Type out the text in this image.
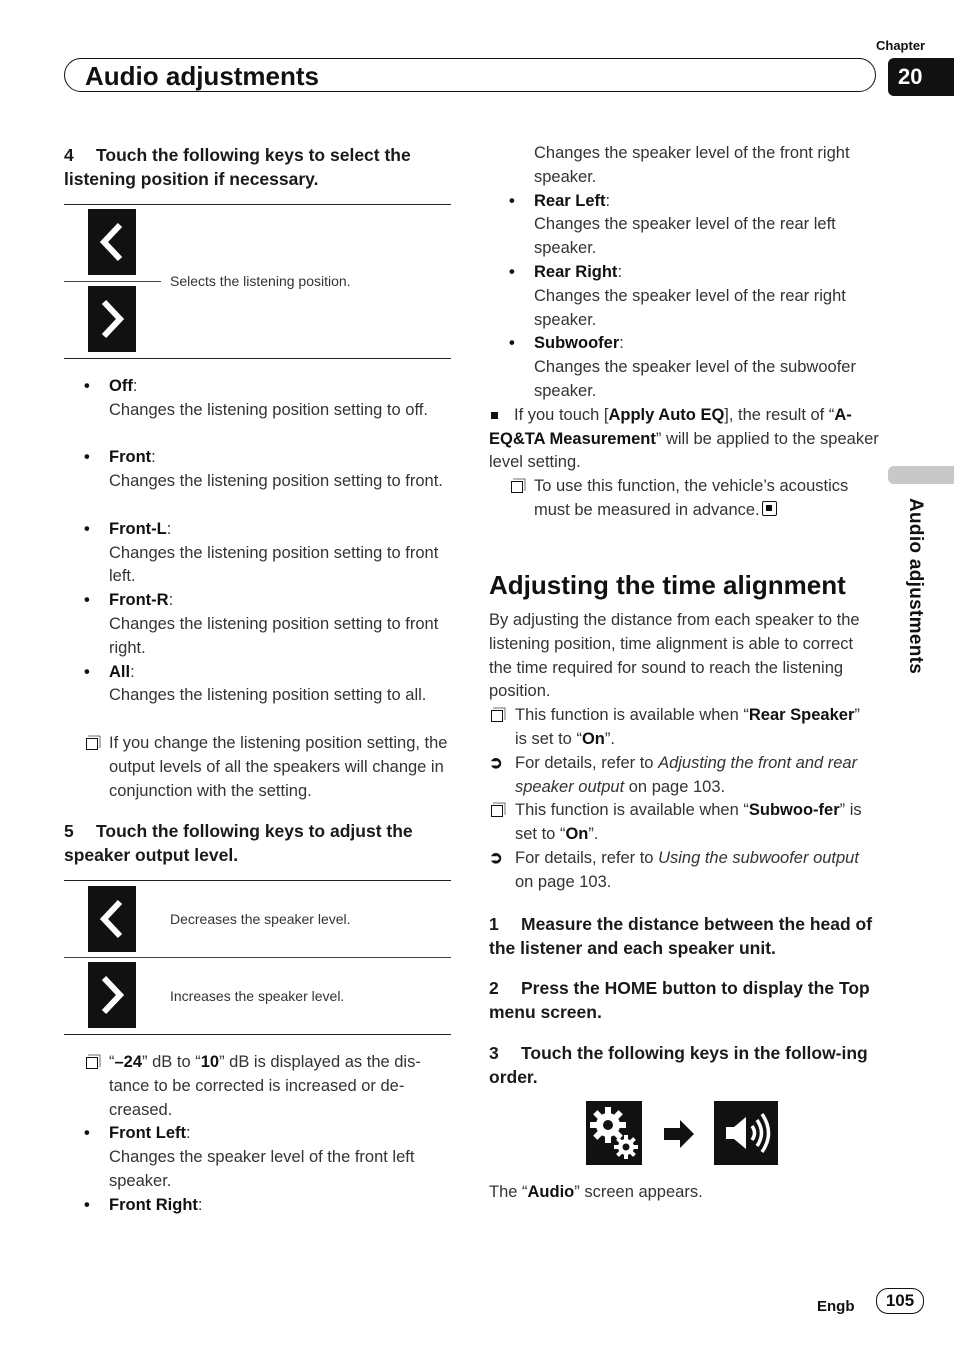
Chapter
20
Audio adjustments
Audio adjustments
4 Touch the following keys to select the listening position if necessary.
Selects the listening position.
• Off:
Changes the listening position setting to off.
• Front:
Changes the listening position setting to front.
• Front-L:
Changes the listening position setting to front left.
• Front-R:
Changes the listening position setting to front right.
• All:
Changes the listening position setting to all.
If you change the listening position setting, the output levels of all the speakers will change in conjunction with the setting.
5 Touch the following keys to adjust the speaker output level.
Decreases the speaker level.
Increases the speaker level.
“–24” dB to “10” dB is displayed as the dis-tance to be corrected is increased or de-creased.
• Front Left:
Changes the speaker level of the front left speaker.
• Front Right:
Changes the speaker level of the front right speaker.
• Rear Left:
Changes the speaker level of the rear left speaker.
• Rear Right:
Changes the speaker level of the rear right speaker.
• Subwoofer:
Changes the speaker level of the subwoofer speaker.
If you touch [Apply Auto EQ], the result of “A-EQ&TA Measurement” will be applied to the speaker level setting.
To use this function, the vehicle’s acoustics must be measured in advance.
Adjusting the time alignment
By adjusting the distance from each speaker to the listening position, time alignment is able to correct the time required for sound to reach the listening position.
This function is available when “Rear Speaker” is set to “On”.
➲ For details, refer to Adjusting the front and rear speaker output on page 103.
This function is available when “Subwoo-fer” is set to “On”.
➲ For details, refer to Using the subwoofer output on page 103.
1 Measure the distance between the head of the listener and each speaker unit.
2 Press the HOME button to display the Top menu screen.
3 Touch the following keys in the follow-ing order.
The “Audio” screen appears.
Engb	105
